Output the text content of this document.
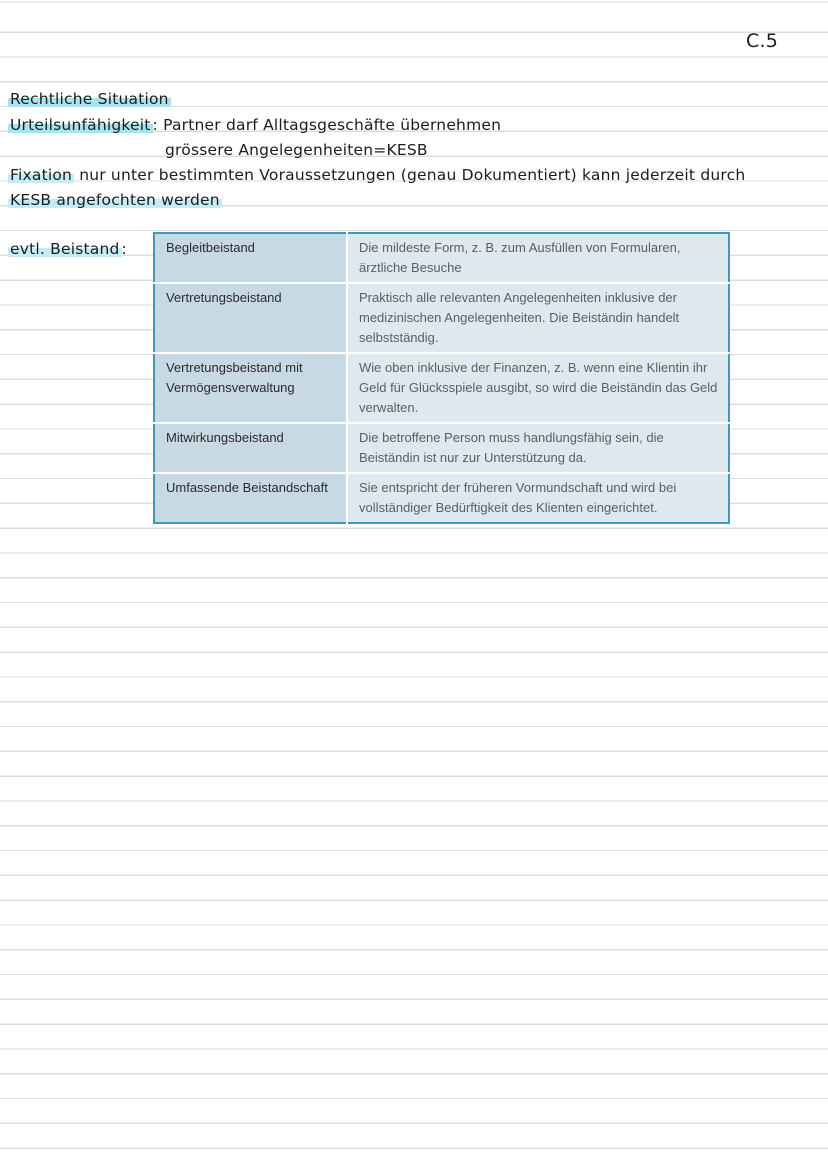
C.5
Rechtliche Situation
Urteilsunfähigkeit : Partner darf Alltagsgeschäfte übernehmen
grössere Angelegenheiten=KESB
Fixation nur unter bestimmten Voraussetzungen (genau Dokumentiert) kann jederzeit durch
KESB angefochten werden
evtl. Beistand :	Begleitbeistand	Die mildeste Form, z. B. zum Ausfüllen von Formularen, ärztliche Besuche
Vertretungsbeistand	Praktisch alle relevanten Angelegenheiten inklusive der medizinischen Angelegenheiten. Die Beiständin handelt selbstständig.
Vertretungsbeistand mit Vermögensverwaltung	Wie oben inklusive der Finanzen, z. B. wenn eine Klientin ihr Geld für Glücksspiele ausgibt, so wird die Beiständin das Geld verwalten.
Mitwirkungsbeistand	Die betroffene Person muss handlungsfähig sein, die Beiständin ist nur zur Unterstützung da.
Umfassende Beistandschaft	Sie entspricht der früheren Vormundschaft und wird bei vollständiger Bedürftigkeit des Klienten eingerichtet.
